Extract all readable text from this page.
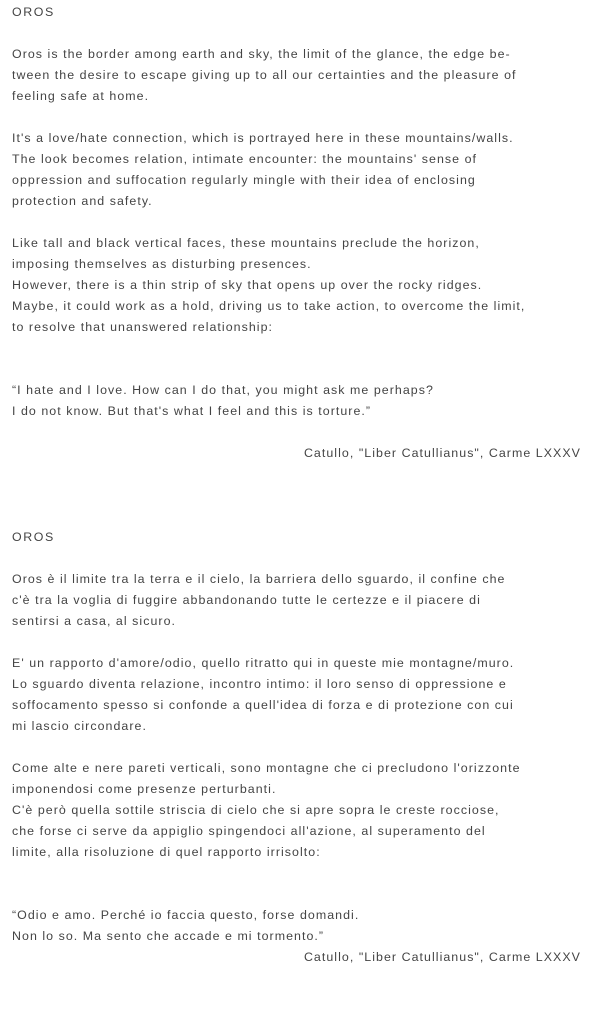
OROS

Oros is the border among earth and sky, the limit of the glance, the edge be-
tween the desire to escape giving up to all our certainties and the pleasure of
feeling safe at home.

It's a love/hate connection, which is portrayed here in these mountains/walls.
The look becomes relation, intimate encounter: the mountains' sense of
oppression and suffocation regularly mingle with their idea of enclosing
protection and safety.

Like tall and black vertical faces, these mountains preclude the horizon,
imposing themselves as disturbing presences.
However, there is a thin strip of sky that opens up over the rocky ridges.
Maybe, it could work as a hold, driving us to take action, to overcome the limit,
to resolve that unanswered relationship:

“I hate and I love. How can I do that, you might ask me perhaps?
I do not know. But that's what I feel and this is torture.”

Catullo, "Liber Catullianus", Carme LXXXV

OROS

Oros è il limite tra la terra e il cielo, la barriera dello sguardo, il confine che
c'è tra la voglia di fuggire abbandonando tutte le certezze e il piacere di
sentirsi a casa, al sicuro.

E' un rapporto d'amore/odio, quello ritratto qui in queste mie montagne/muro.
Lo sguardo diventa relazione, incontro intimo: il loro senso di oppressione e
soffocamento spesso si confonde a quell'idea di forza e di protezione con cui
mi lascio circondare.

Come alte e nere pareti verticali, sono montagne che ci precludono l'orizzonte
imponendosi come presenze perturbanti.
C'è però quella sottile striscia di cielo che si apre sopra le creste rocciose,
che forse ci serve da appiglio spingendoci all'azione, al superamento del
limite, alla risoluzione di quel rapporto irrisolto:

“Odio e amo. Perché io faccia questo, forse domandi.
Non lo so. Ma sento che accade e mi tormento.”

Catullo, "Liber Catullianus", Carme LXXXV
